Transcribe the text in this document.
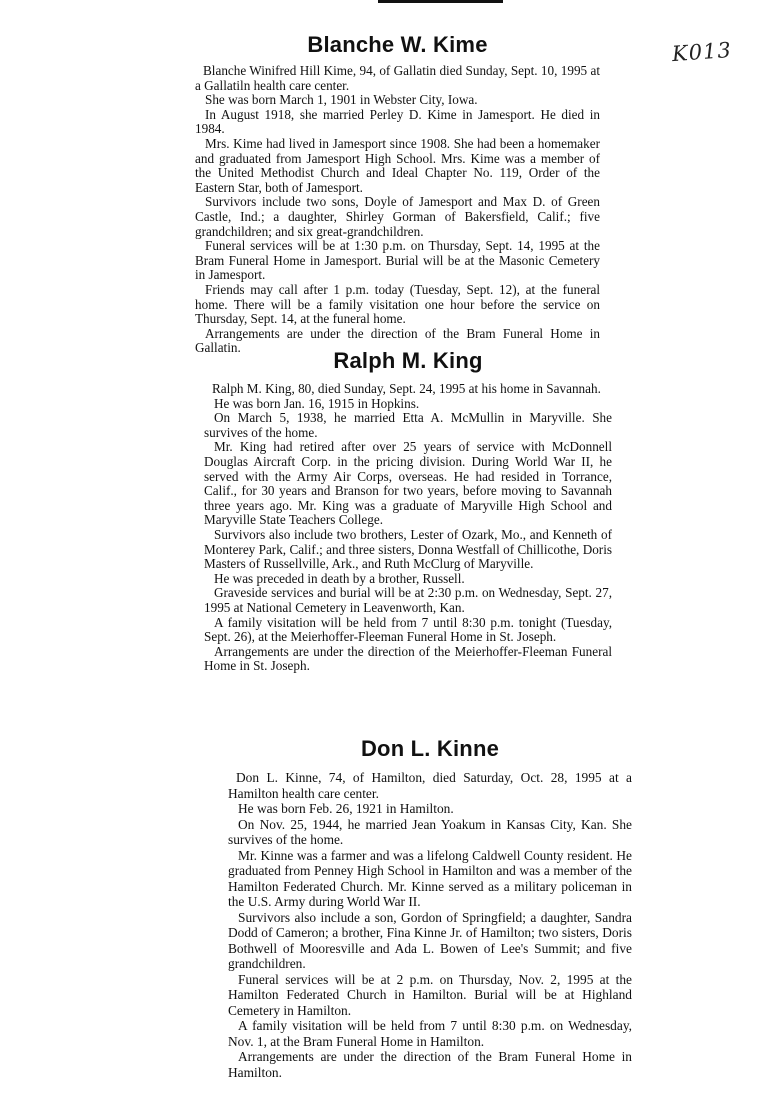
K013
Blanche W. Kime

Blanche Winifred Hill Kime, 94, of Gallatin died Sunday, Sept. 10, 1995 at a Gallatiln health care center.

She was born March 1, 1901 in Webster City, Iowa.

In August 1918, she married Perley D. Kime in Jamesport. He died in 1984.

Mrs. Kime had lived in Jamesport since 1908. She had been a homemaker and graduated from Jamesport High School. Mrs. Kime was a member of the United Methodist Church and Ideal Chapter No. 119, Order of the Eastern Star, both of Jamesport.

Survivors include two sons, Doyle of Jamesport and Max D. of Green Castle, Ind.; a daughter, Shirley Gorman of Bakersfield, Calif.; five grandchildren; and six great-grandchildren.

Funeral services will be at 1:30 p.m. on Thursday, Sept. 14, 1995 at the Bram Funeral Home in Jamesport. Burial will be at the Masonic Cemetery in Jamesport.

Friends may call after 1 p.m. today (Tuesday, Sept. 12), at the funeral home. There will be a family visitation one hour before the service on Thursday, Sept. 14, at the funeral home.

Arrangements are under the direction of the Bram Funeral Home in Gallatin.

Ralph M. King

Ralph M. King, 80, died Sunday, Sept. 24, 1995 at his home in Savannah.

He was born Jan. 16, 1915 in Hopkins.

On March 5, 1938, he married Etta A. McMullin in Maryville. She survives of the home.

Mr. King had retired after over 25 years of service with McDonnell Douglas Aircraft Corp. in the pricing division. During World War II, he served with the Army Air Corps, overseas. He had resided in Torrance, Calif., for 30 years and Branson for two years, before moving to Savannah three years ago. Mr. King was a graduate of Maryville High School and Maryville State Teachers College.

Survivors also include two brothers, Lester of Ozark, Mo., and Kenneth of Monterey Park, Calif.; and three sisters, Donna Westfall of Chillicothe, Doris Masters of Russellville, Ark., and Ruth McClurg of Maryville.

He was preceded in death by a brother, Russell.

Graveside services and burial will be at 2:30 p.m. on Wednesday, Sept. 27, 1995 at National Cemetery in Leavenworth, Kan.

A family visitation will be held from 7 until 8:30 p.m. tonight (Tuesday, Sept. 26), at the Meierhoffer-Fleeman Funeral Home in St. Joseph.

Arrangements are under the direction of the Meierhoffer-Fleeman Funeral Home in St. Joseph.

Don L. Kinne

Don L. Kinne, 74, of Hamilton, died Saturday, Oct. 28, 1995 at a Hamilton health care center.

He was born Feb. 26, 1921 in Hamilton.

On Nov. 25, 1944, he married Jean Yoakum in Kansas City, Kan. She survives of the home.

Mr. Kinne was a farmer and was a lifelong Caldwell County resident. He graduated from Penney High School in Hamilton and was a member of the Hamilton Federated Church. Mr. Kinne served as a military policeman in the U.S. Army during World War II.

Survivors also include a son, Gordon of Springfield; a daughter, Sandra Dodd of Cameron; a brother, Fina Kinne Jr. of Hamilton; two sisters, Doris Bothwell of Mooresville and Ada L. Bowen of Lee's Summit; and five grandchildren.

Funeral services will be at 2 p.m. on Thursday, Nov. 2, 1995 at the Hamilton Federated Church in Hamilton. Burial will be at Highland Cemetery in Hamilton.

A family visitation will be held from 7 until 8:30 p.m. on Wednesday, Nov. 1, at the Bram Funeral Home in Hamilton.

Arrangements are under the direction of the Bram Funeral Home in Hamilton.
